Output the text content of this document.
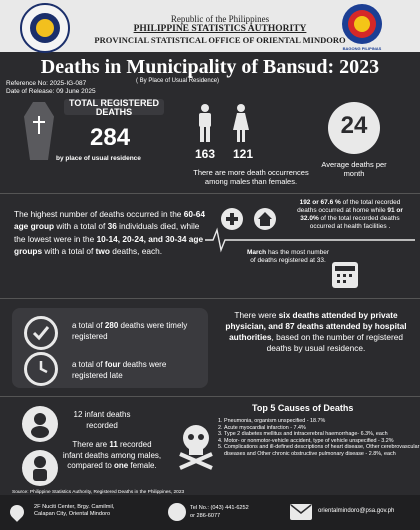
Republic of the Philippines
PHILIPPINE STATISTICS AUTHORITY
PROVINCIAL STATISTICAL OFFICE OF ORIENTAL MINDORO
BAGONG PILIPINAS
Deaths in Municipality of Bansud: 2023
( By Place of Usual Residence)
Reference No: 2025-IG-087
Date of Release: 09 June 2025
TOTAL REGISTERED DEATHS
284
by place of usual residence	163 121
There are more death occurrences among males than females.
24
Average deaths per month
The highest number of deaths occurred in the 60-64 age group with a total of 36 individuals died, while the lowest were in the 10-14, 20-24, and 30-34 age groups with a total of two deaths, each.
192 or 67.6 % of the total recorded deaths occurred at home while 91 or 32.0% of the total recorded deaths occurred at health facilities .
March has the most number of deaths registered at 33.
a total of 280 deaths were timely registered
a total of four deaths were registered late
There were six deaths attended by private physician, and 87 deaths attended by hospital authorities, based on the number of registered deaths by usual residence.
12 infant deaths recorded
There are 11 recorded infant deaths among males, compared to one female.
Top 5 Causes of Deaths
1. Pneumonia, organism unspecified - 18.7%
2. Acute myocardial infarction - 7.4%
3. Type 2 diabetes mellitus and intracerebral haemorrhage- 6.3%, each
4. Motor- or nonmotor-vehicle accident, type of vehicle unspecified - 3.2%
5. Complications and ill-defined descriptions of heart disease, Other cerebrovascular diseases and Other chronic obstructive pulmonary disease - 2.8%, each
Source: Philippine Statistics Authority, Registered Deaths in the Philippines, 2023
2F Nuciti Center, Brgy. Camilmil,
Calapan City, Oriental Mindoro
Tel No.: (043) 441-6252
or 286-6077
orientalmindoro@psa.gov.ph
